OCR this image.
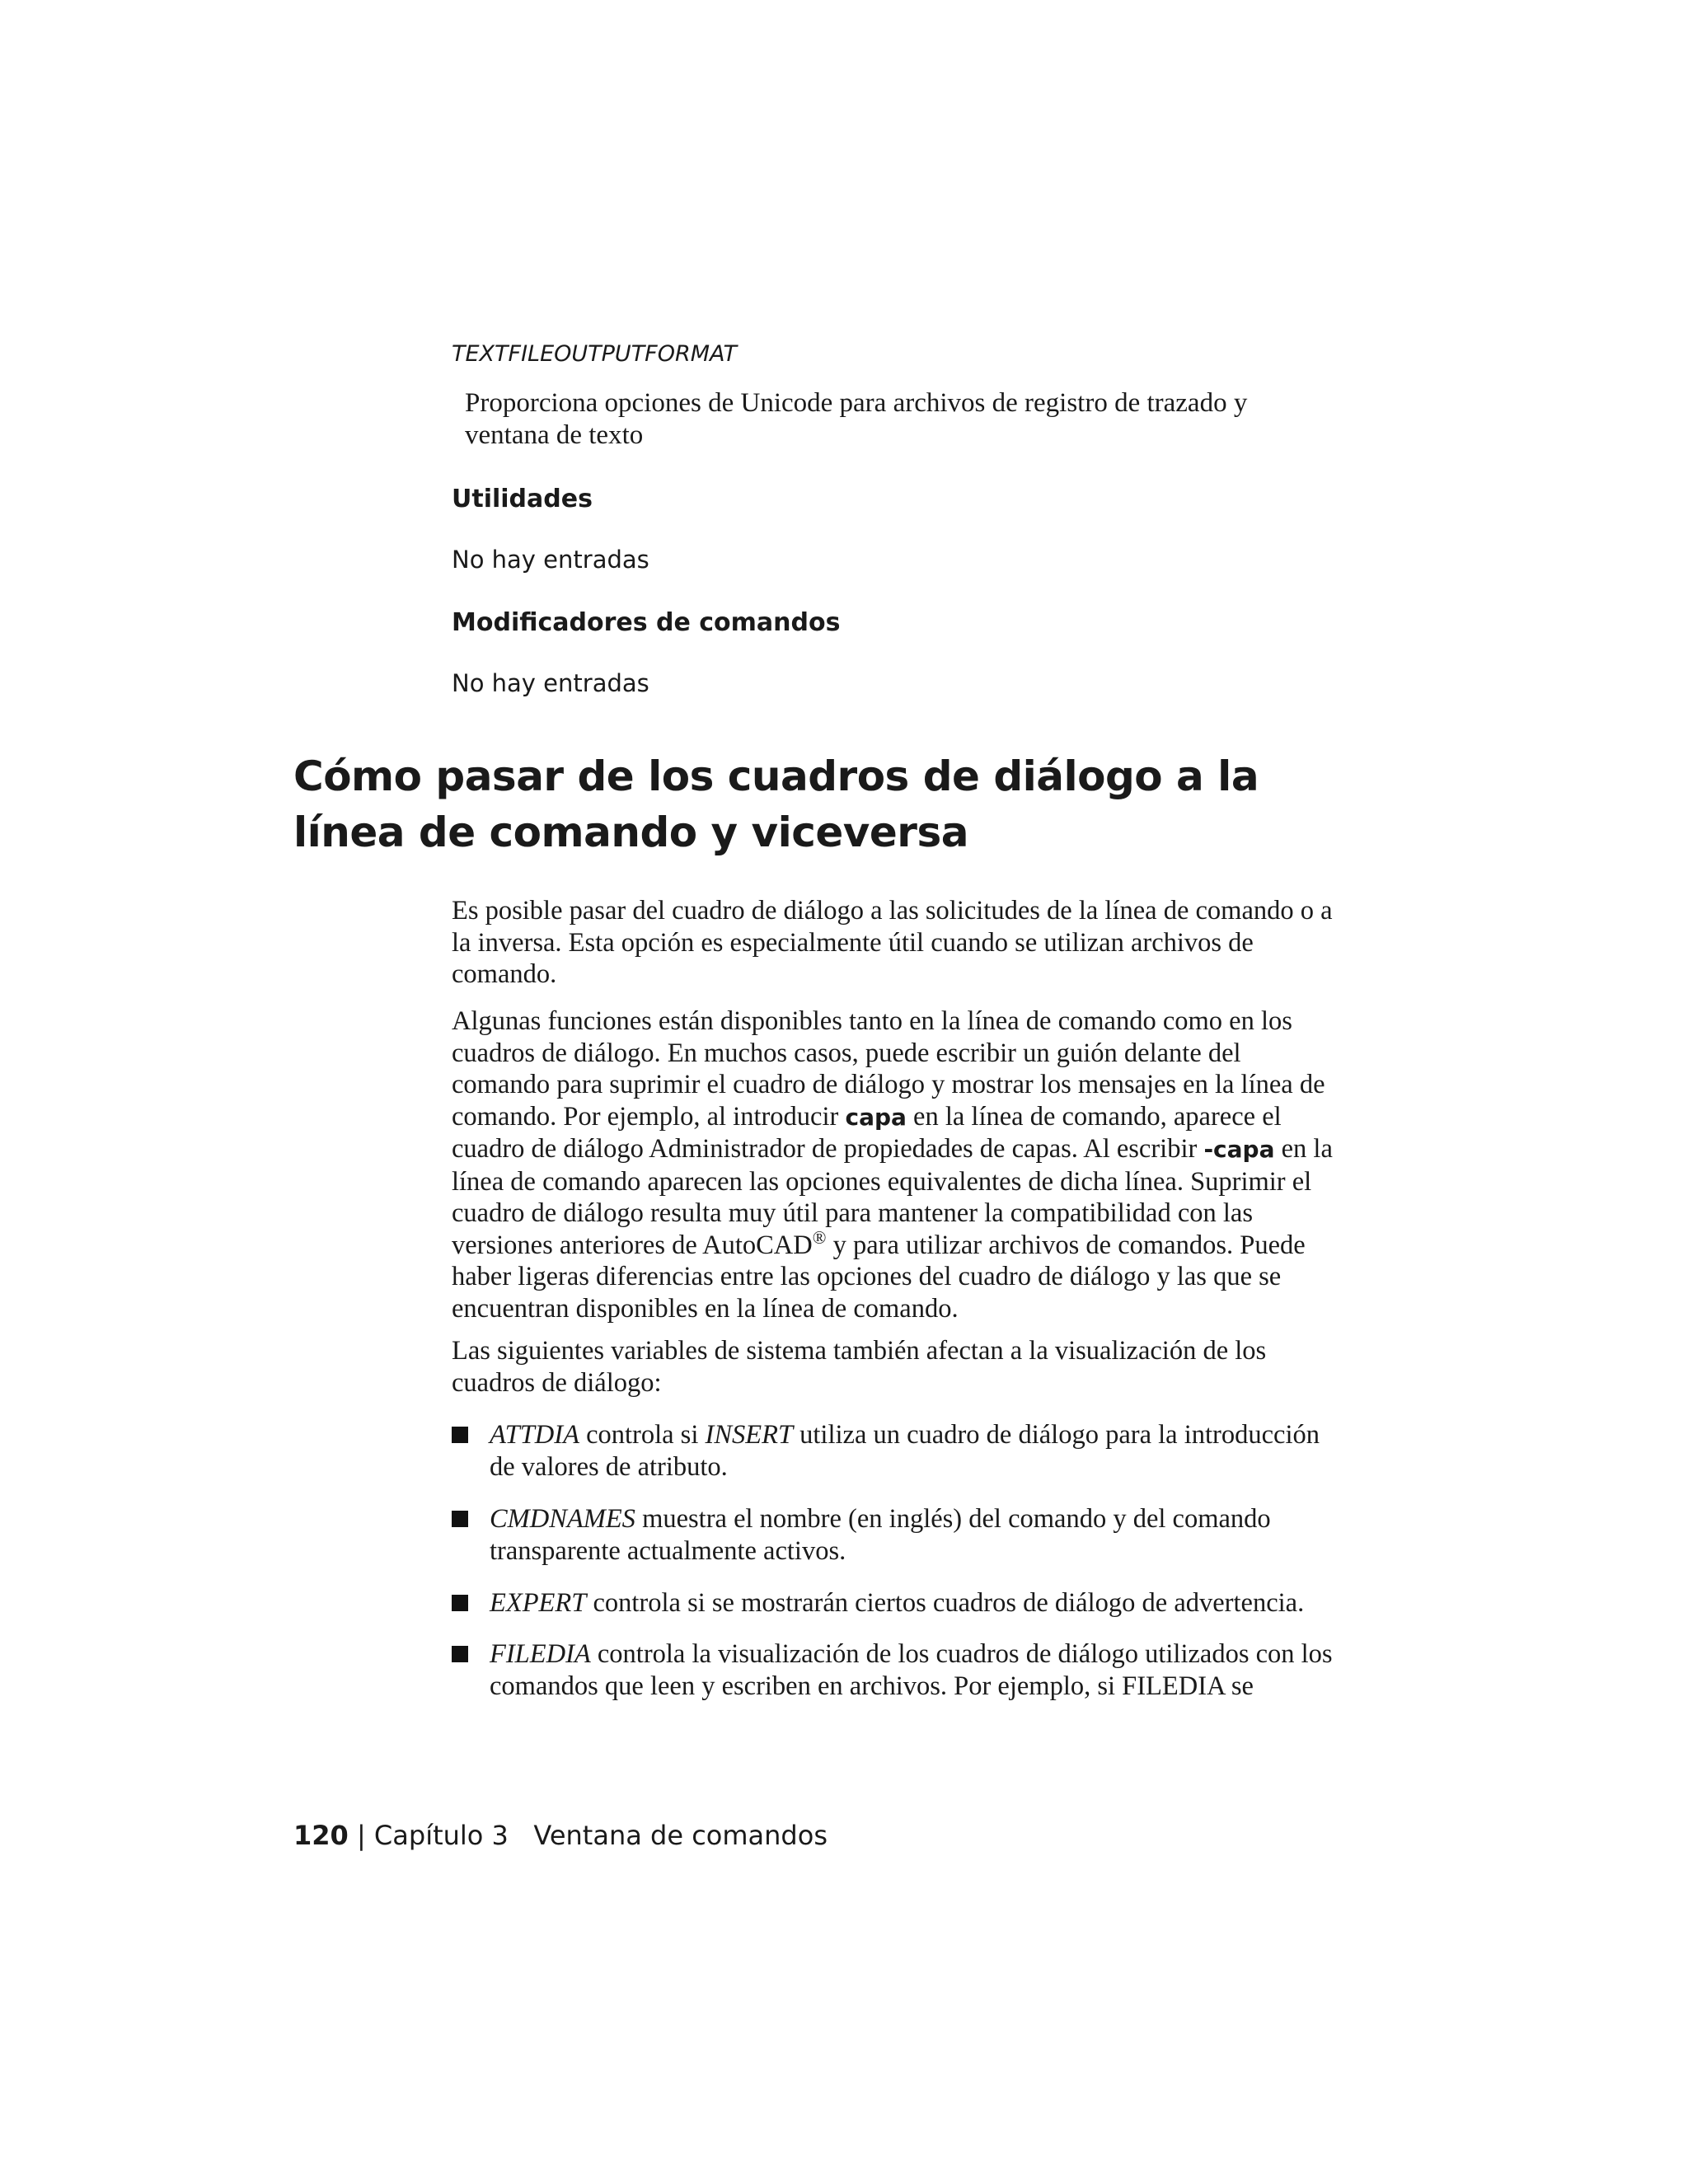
TEXTFILEOUTPUTFORMAT
Proporciona opciones de Unicode para archivos de registro de trazado y ventana de texto
Utilidades
No hay entradas
Modificadores de comandos
No hay entradas
Cómo pasar de los cuadros de diálogo a la línea de comando y viceversa

Es posible pasar del cuadro de diálogo a las solicitudes de la línea de comando o a la inversa. Esta opción es especialmente útil cuando se utilizan archivos de comando.

Algunas funciones están disponibles tanto en la línea de comando como en los cuadros de diálogo. En muchos casos, puede escribir un guión delante del comando para suprimir el cuadro de diálogo y mostrar los mensajes en la línea de comando. Por ejemplo, al introducir capa en la línea de comando, aparece el cuadro de diálogo Administrador de propiedades de capas. Al escribir -capa en la línea de comando aparecen las opciones equivalentes de dicha línea. Suprimir el cuadro de diálogo resulta muy útil para mantener la compatibilidad con las versiones anteriores de AutoCAD® y para utilizar archivos de comandos. Puede haber ligeras diferencias entre las opciones del cuadro de diálogo y las que se encuentran disponibles en la línea de comando.

Las siguientes variables de sistema también afectan a la visualización de los cuadros de diálogo:

ATTDIA controla si INSERT utiliza un cuadro de diálogo para la introducción de valores de atributo.
CMDNAMES muestra el nombre (en inglés) del comando y del comando transparente actualmente activos.
EXPERT controla si se mostrarán ciertos cuadros de diálogo de advertencia.
FILEDIA controla la visualización de los cuadros de diálogo utilizados con los comandos que leen y escriben en archivos. Por ejemplo, si FILEDIA se
120 | Capítulo 3 Ventana de comandos
